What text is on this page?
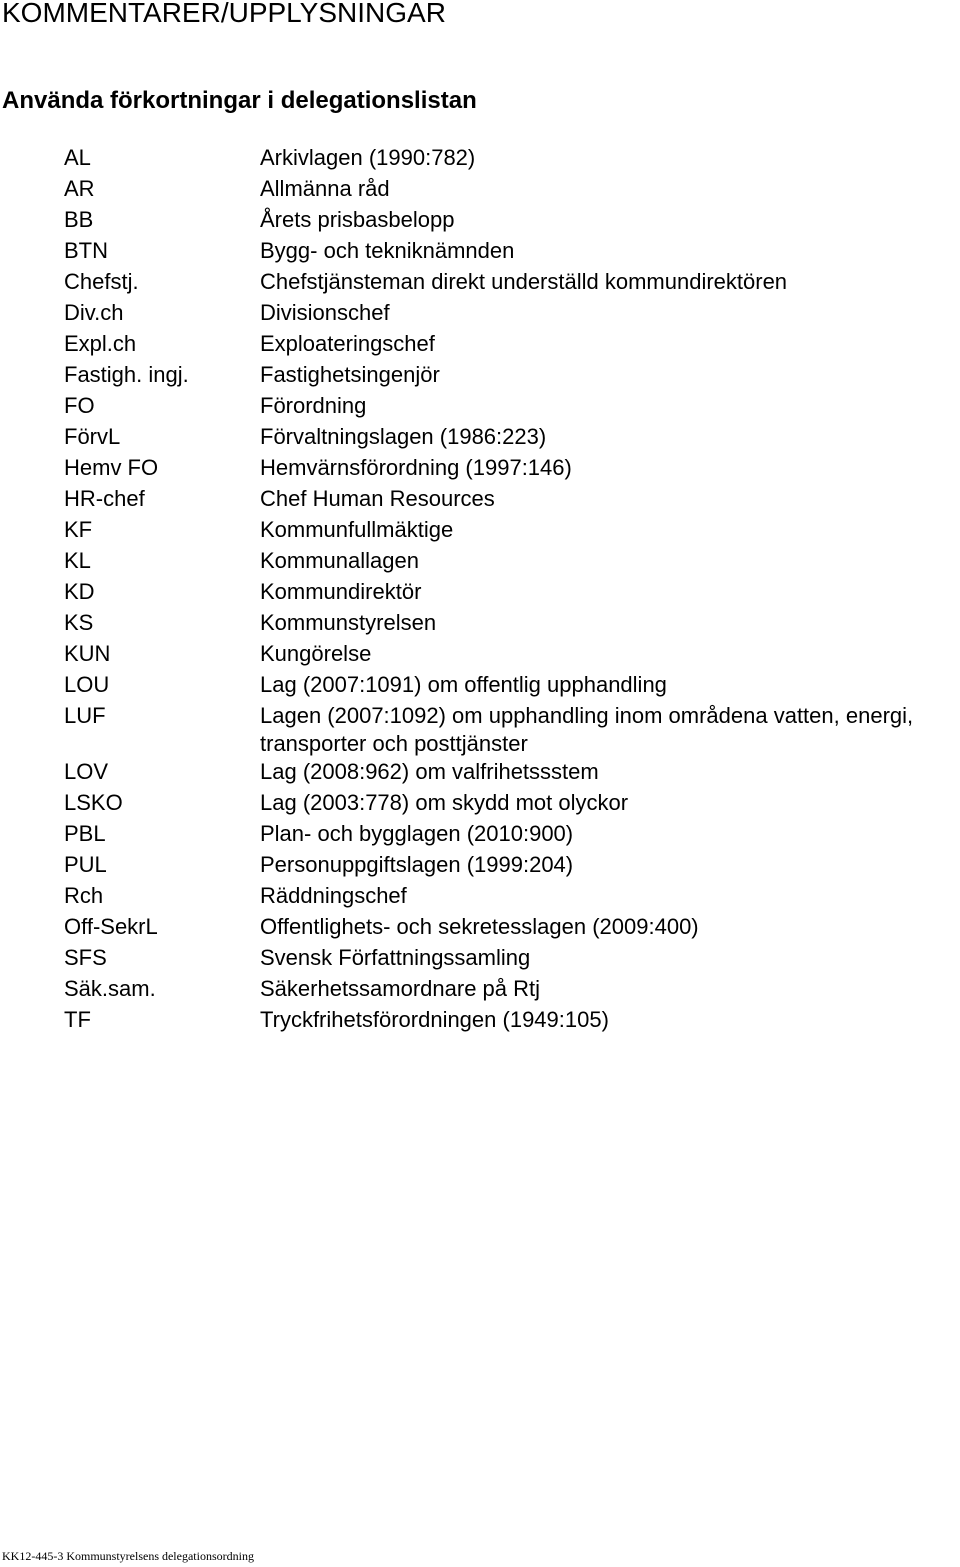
KOMMENTARER/UPPLYSNINGAR
Använda förkortningar i delegationslistan
AL	Arkivlagen (1990:782)
AR	Allmänna råd
BB	Årets prisbasbelopp
BTN	Bygg- och tekniknämnden
Chefstj.	Chefstjänsteman direkt underställd kommundirektören
Div.ch	Divisionschef
Expl.ch	Exploateringschef
Fastigh. ingj.	Fastighetsingenjör
FO	Förordning
FörvL	Förvaltningslagen (1986:223)
Hemv FO	Hemvärnsförordning (1997:146)
HR-chef	Chef Human Resources
KF	Kommunfullmäktige
KL	Kommunallagen
KD	Kommundirektör
KS	Kommunstyrelsen
KUN	Kungörelse
LOU	Lag (2007:1091) om offentlig upphandling
LUF	Lagen (2007:1092) om upphandling inom områdena vatten, energi, transporter och posttjänster
LOV	Lag (2008:962) om valfrihetssstem
LSKO	Lag (2003:778) om skydd mot olyckor
PBL	Plan- och bygglagen (2010:900)
PUL	Personuppgiftslagen (1999:204)
Rch	Räddningschef
Off-SekrL	Offentlighets- och sekretesslagen (2009:400)
SFS	Svensk Författningssamling
Säk.sam.	Säkerhetssamordnare på Rtj
TF	Tryckfrihetsförordningen (1949:105)
KK12-445-3 Kommunstyrelsens delegationsordning
